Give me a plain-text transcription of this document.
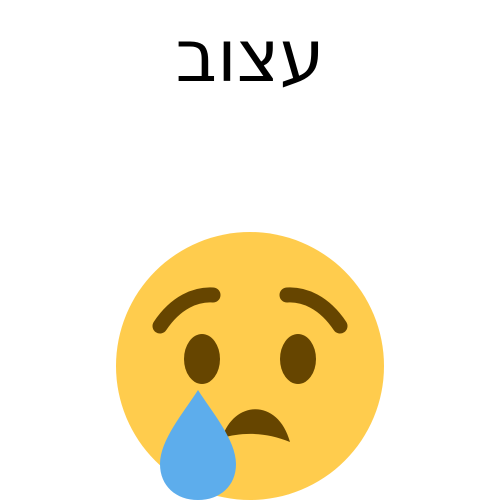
עצוב
